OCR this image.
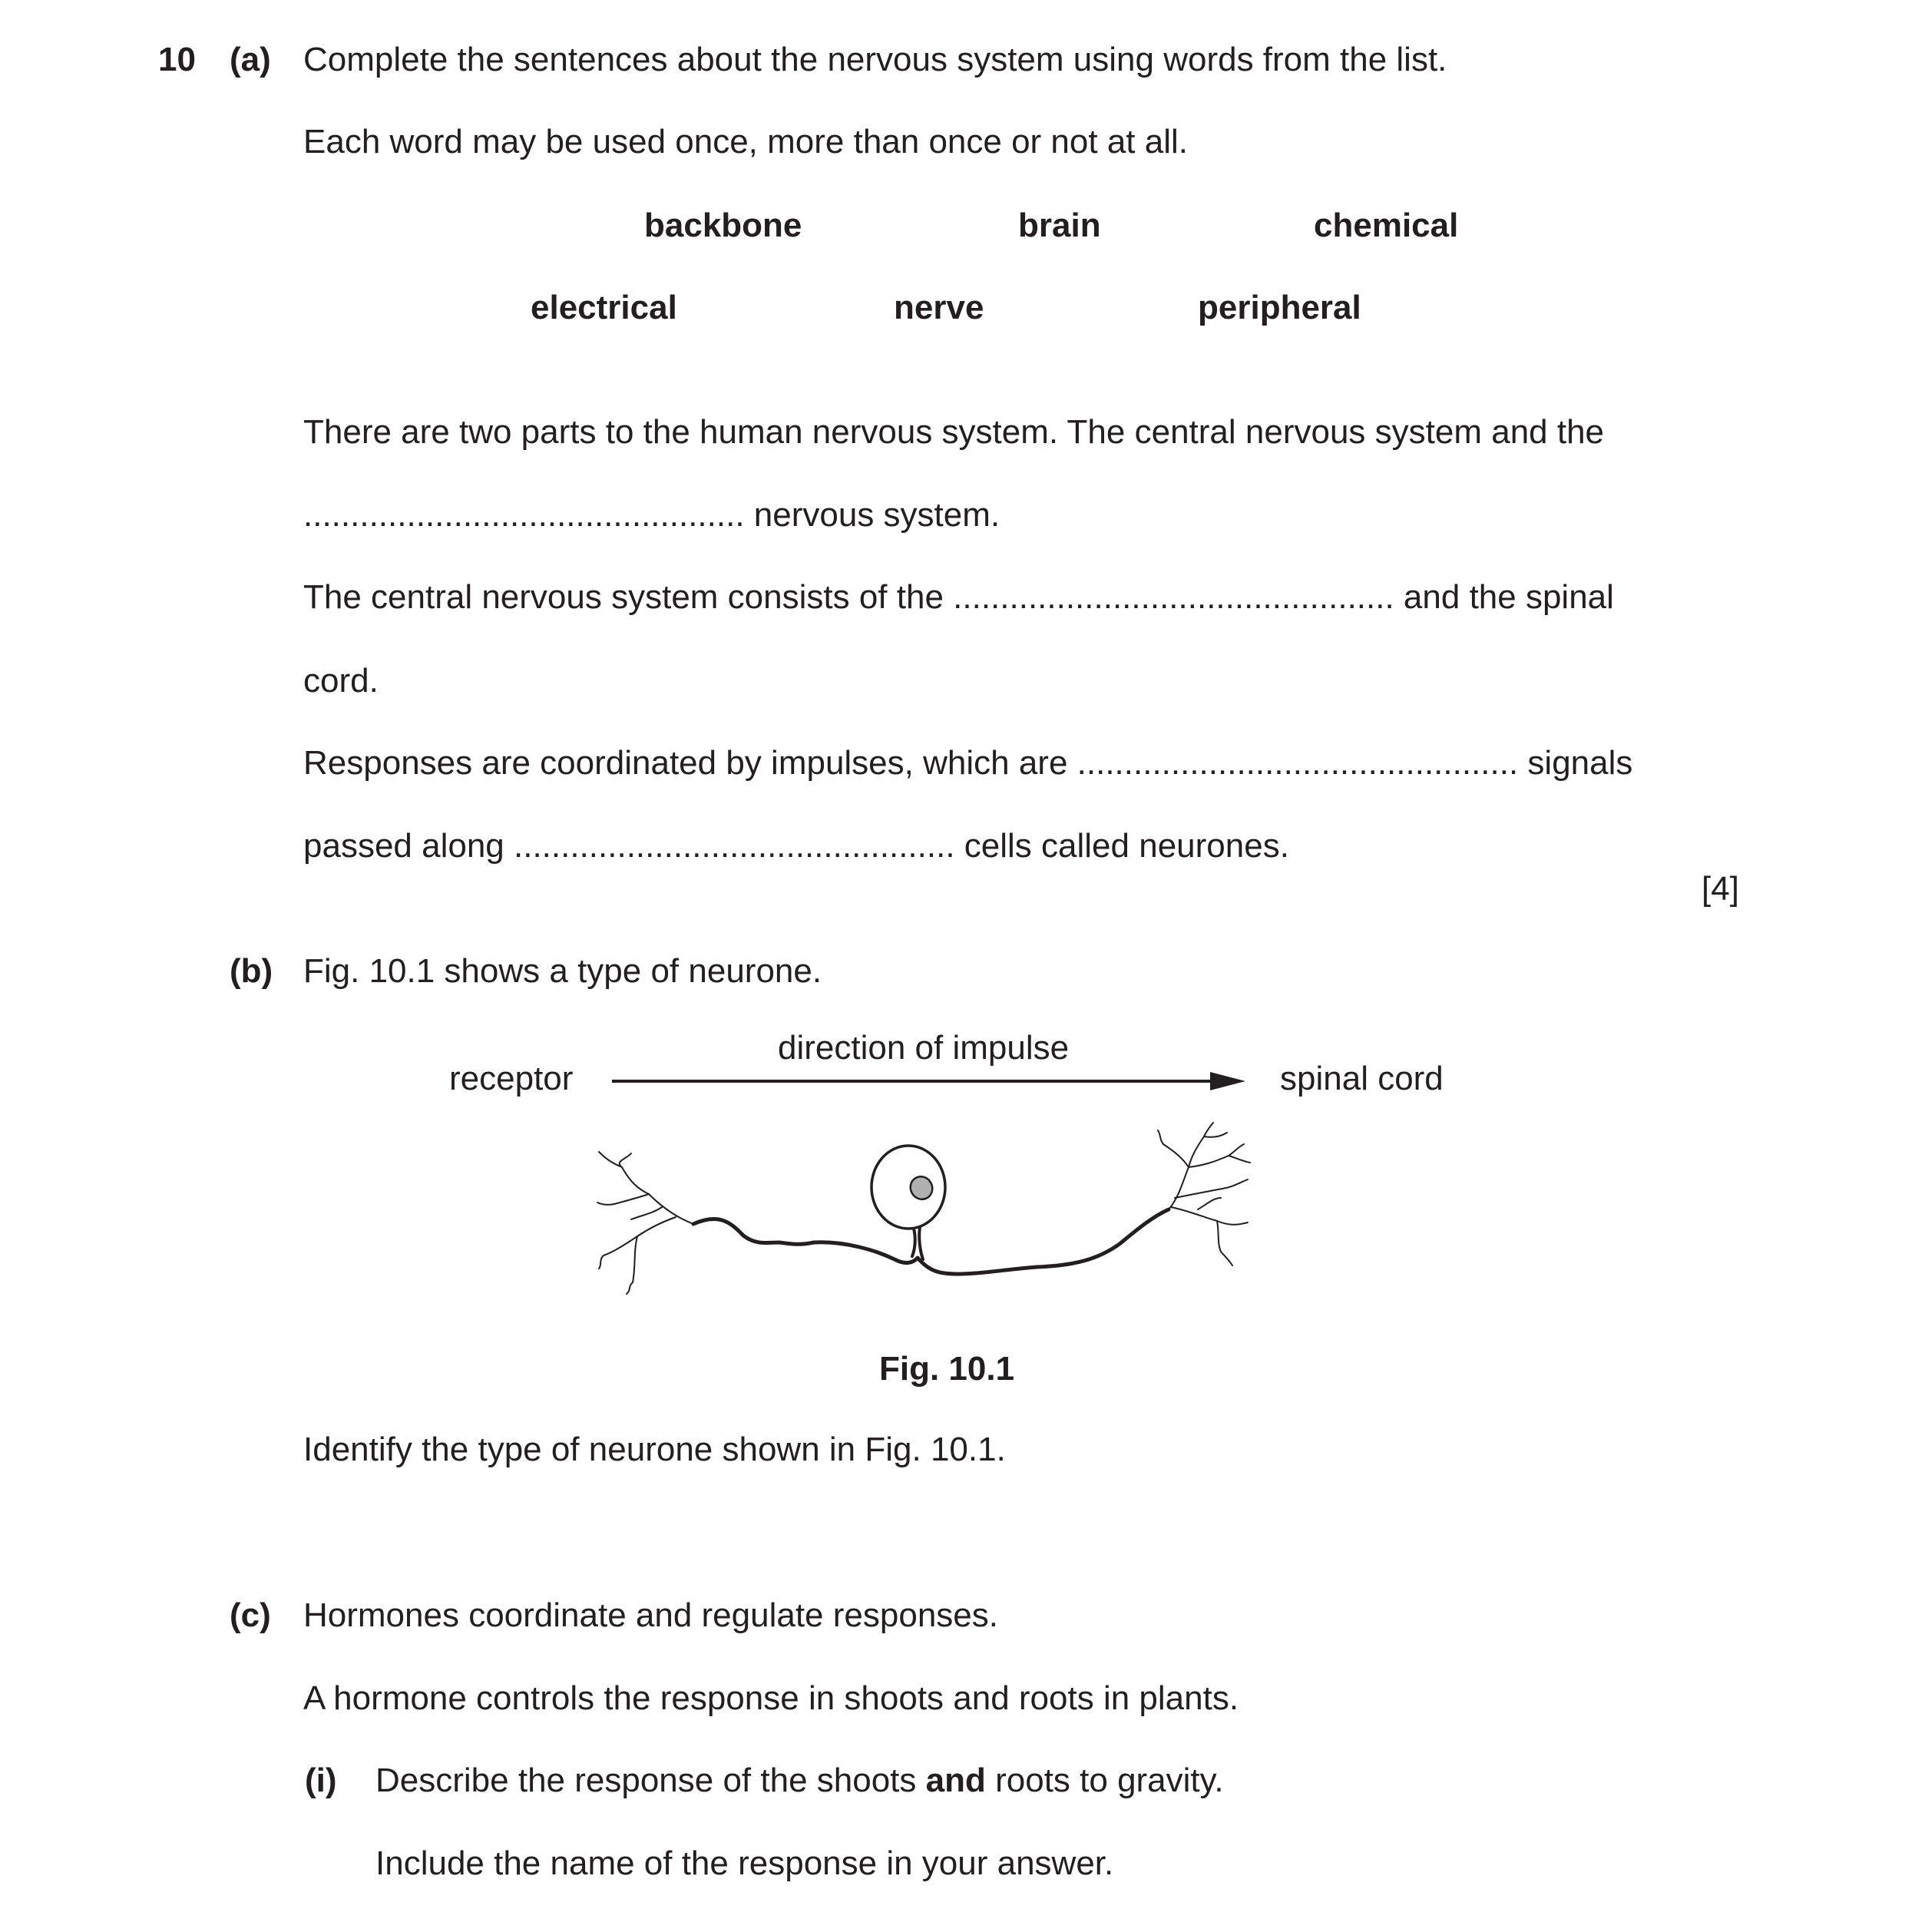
10 (a) Complete the sentences about the nervous system using words from the list.
Each word may be used once, more than once or not at all.
backbone	brain	chemical
electrical	nerve	peripheral
There are two parts to the human nervous system. The central nervous system and the
............................................... nervous system.
The central nervous system consists of the ............................................... and the spinal
cord.
Responses are coordinated by impulses, which are ............................................... signals
passed along ............................................... cells called neurones.
[4]
(b) Fig. 10.1 shows a type of neurone.
receptor
direction of impulse
spinal cord
Fig. 10.1
Identify the type of neurone shown in Fig. 10.1.
(c) Hormones coordinate and regulate responses.
A hormone controls the response in shoots and roots in plants.
(i) Describe the response of the shoots and roots to gravity.
Include the name of the response in your answer.
